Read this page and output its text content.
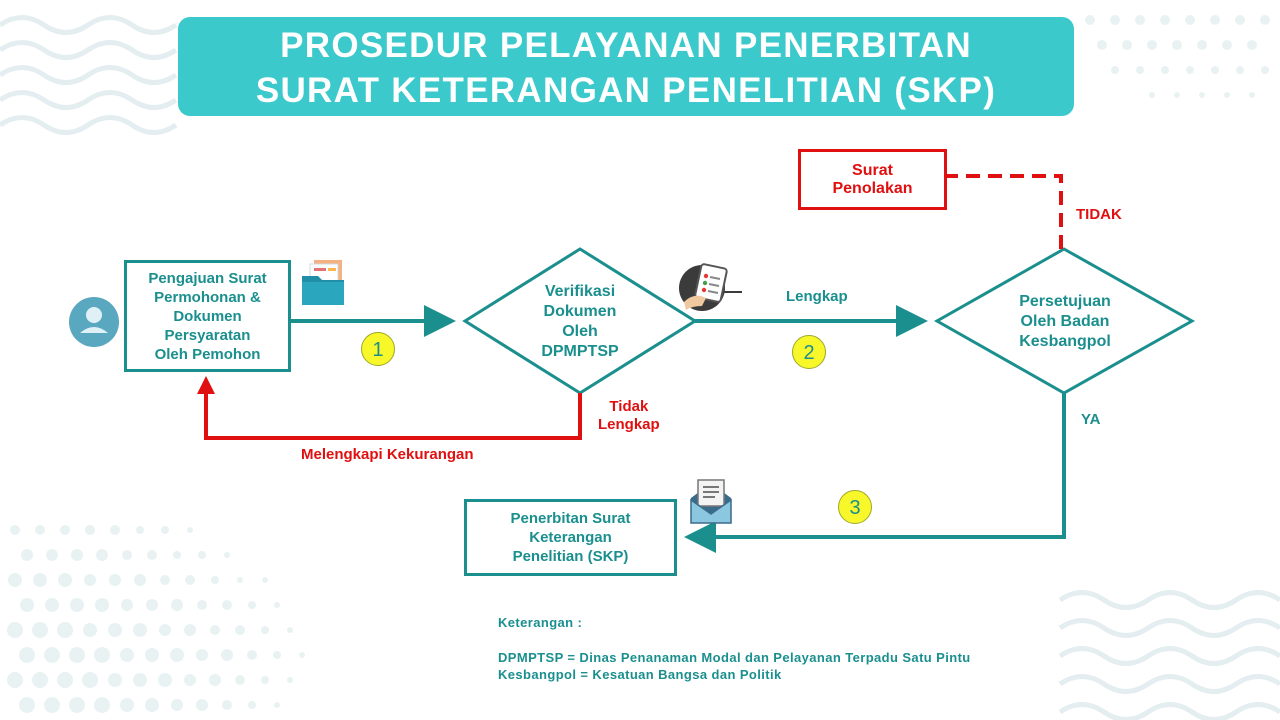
PROSEDUR PELAYANAN PENERBITAN
SURAT KETERANGAN PENELITIAN (SKP)
Pengajuan Surat
Permohonan &
Dokumen
Persyaratan
Oleh Pemohon
Verifikasi
Dokumen
Oleh
DPMPTSP
Persetujuan
Oleh Badan
Kesbangpol
Surat
Penolakan
Penerbitan Surat
Keterangan
Penelitian (SKP)
1	2
3
Lengkap
Tidak
Lengkap
Melengkapi Kekurangan
TIDAK
YA
Keterangan :
DPMPTSP = Dinas Penanaman Modal dan Pelayanan Terpadu Satu Pintu
Kesbangpol = Kesatuan Bangsa dan Politik
